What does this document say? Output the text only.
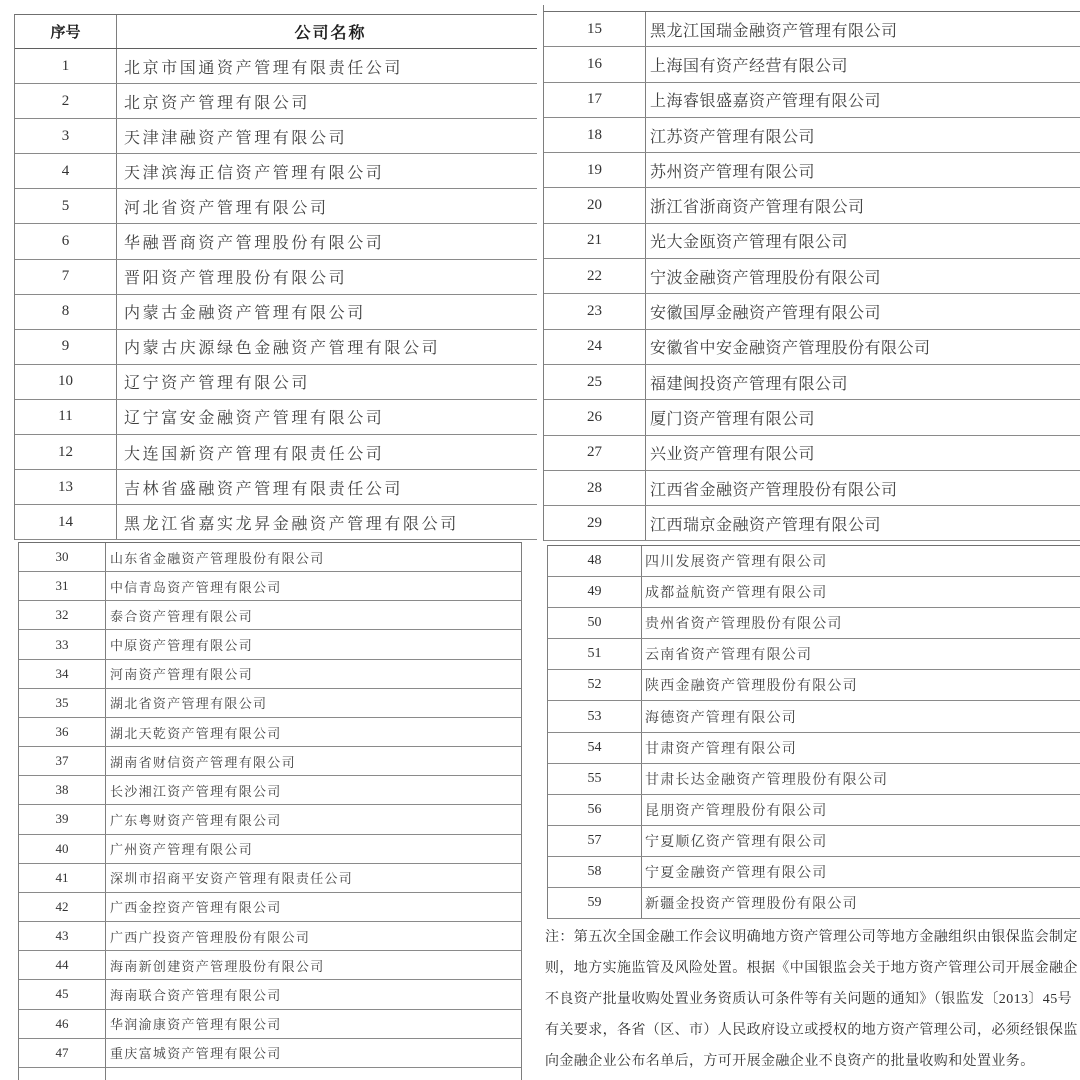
序号	公司名称
1	北京市国通资产管理有限责任公司
2	北京资产管理有限公司
3	天津津融资产管理有限公司
4	天津滨海正信资产管理有限公司
5	河北省资产管理有限公司
6	华融晋商资产管理股份有限公司
7	晋阳资产管理股份有限公司
8	内蒙古金融资产管理有限公司
9	内蒙古庆源绿色金融资产管理有限公司
10	辽宁资产管理有限公司
11	辽宁富安金融资产管理有限公司
12	大连国新资产管理有限责任公司
13	吉林省盛融资产管理有限责任公司
14	黑龙江省嘉实龙昇金融资产管理有限公司
15	黑龙江国瑞金融资产管理有限公司
16	上海国有资产经营有限公司
17	上海睿银盛嘉资产管理有限公司
18	江苏资产管理有限公司
19	苏州资产管理有限公司
20	浙江省浙商资产管理有限公司
21	光大金瓯资产管理有限公司
22	宁波金融资产管理股份有限公司
23	安徽国厚金融资产管理有限公司
24	安徽省中安金融资产管理股份有限公司
25	福建闽投资产管理有限公司
26	厦门资产管理有限公司
27	兴业资产管理有限公司
28	江西省金融资产管理股份有限公司
29	江西瑞京金融资产管理有限公司
30	山东省金融资产管理股份有限公司
31	中信青岛资产管理有限公司
32	泰合资产管理有限公司
33	中原资产管理有限公司
34	河南资产管理有限公司
35	湖北省资产管理有限公司
36	湖北天乾资产管理有限公司
37	湖南省财信资产管理有限公司
38	长沙湘江资产管理有限公司
39	广东粤财资产管理有限公司
40	广州资产管理有限公司
41	深圳市招商平安资产管理有限责任公司
42	广西金控资产管理有限公司
43	广西广投资产管理股份有限公司
44	海南新创建资产管理股份有限公司
45	海南联合资产管理有限公司
46	华润渝康资产管理有限公司
47	重庆富城资产管理有限公司
48	四川发展资产管理有限公司
49	成都益航资产管理有限公司
50	贵州省资产管理股份有限公司
51	云南省资产管理有限公司
52	陕西金融资产管理股份有限公司
53	海德资产管理有限公司
54	甘肃资产管理有限公司
55	甘肃长达金融资产管理股份有限公司
56	昆朋资产管理股份有限公司
57	宁夏顺亿资产管理有限公司
58	宁夏金融资产管理有限公司
59	新疆金投资产管理股份有限公司
注：第五次全国金融工作会议明确地方资产管理公司等地方金融组织由银保监会制定
则，地方实施监管及风险处置。根据《中国银监会关于地方资产管理公司开展金融企
不良资产批量收购处置业务资质认可条件等有关问题的通知》（银监发〔2013〕45号
有关要求，各省（区、市）人民政府设立或授权的地方资产管理公司，必须经银保监
向金融企业公布名单后，方可开展金融企业不良资产的批量收购和处置业务。
